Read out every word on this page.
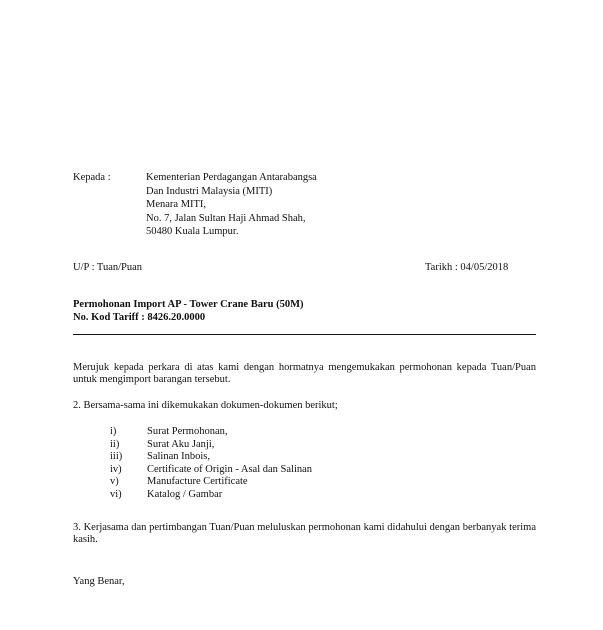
Kepada :	Kementerian Perdagangan Antarabangsa
Dan Industri Malaysia (MITI)
Menara MITI,
No. 7, Jalan Sultan Haji Ahmad Shah,
50480 Kuala Lumpur.
U/P : Tuan/Puan	Tarikh : 04/05/2018
Permohonan Import AP - Tower Crane Baru (50M)
No. Kod Tariff : 8426.20.0000
Merujuk kepada perkara di atas kami dengan hormatnya mengemukakan permohonan kepada Tuan/Puan untuk mengimport barangan tersebut.
2. Bersama-sama ini dikemukakan dokumen-dokumen berikut;
i)	Surat Permohonan,
ii)	Surat Aku Janji,
iii) Salinan Inbois,
iv) Certificate of Origin - Asal dan Salinan
v)	Manufacture Certificate
vi) Katalog / Gambar
3. Kerjasama dan pertimbangan Tuan/Puan meluluskan permohonan kami didahului dengan berbanyak terima kasih.
Yang Benar,
